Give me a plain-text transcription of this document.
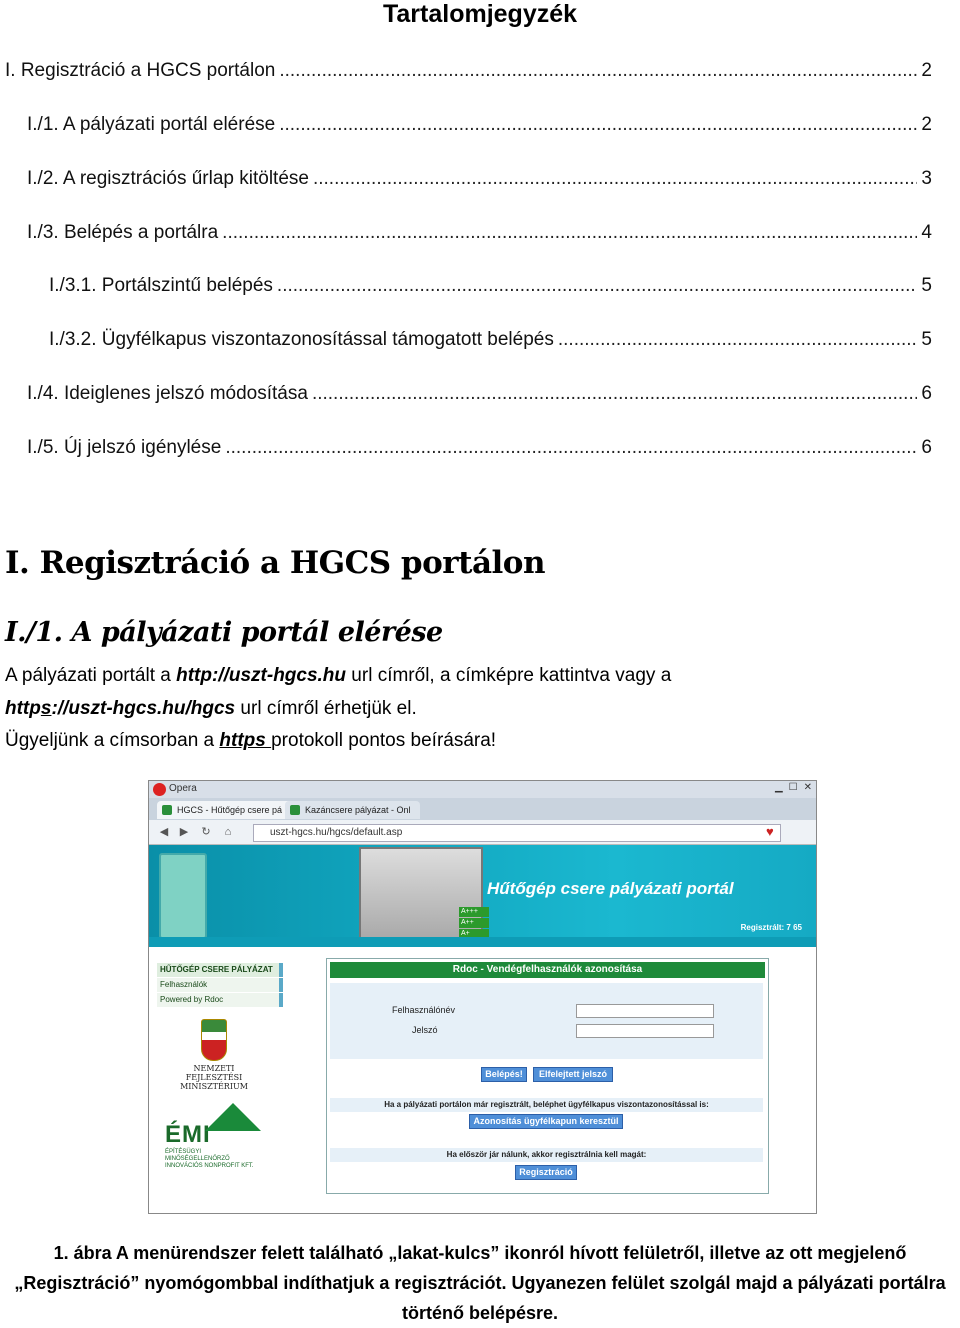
Tartalomjegyzék
I. Regisztráció a HGCS portálon .....	2
I./1. A pályázati portál elérése .....	2
I./2. A regisztrációs űrlap kitöltése .....	3
I./3. Belépés a portálra .....	4
I./3.1. Portálszintű belépés .....	5
I./3.2. Ügyfélkapus viszontazonosítással támogatott belépés .....	5
I./4. Ideiglenes jelszó módosítása .....	6
I./5. Új jelszó igénylése .....	6
I. Regisztráció a HGCS portálon
I./1. A pályázati portál elérése
A pályázati portált a http://uszt-hgcs.hu url címről, a címképre kattintva vagy a
https://uszt-hgcs.hu/hgcs url címről érhetjük el.
Ügyeljünk a címsorban a https protokoll pontos beírására!
Opera	▁ ☐ ✕
HGCS - Hűtőgép csere pá	Kazáncsere pályázat - Onl
◀ ▶ ↻	⌂	uszt-hgcs.hu/hgcs/default.asp	♥
Hűtőgép csere pályázati portál
A+++
A++
A+
Regisztrált: 7 65
HŰTŐGÉP CSERE PÁLYÁZAT
Felhasználók
Powered by Rdoc
NEMZETI FEJLESZTÉSI MINISZTÉRIUM
ÉMI
ÉPÍTÉSÜGYI MINŐSÉGELLENŐRZŐ INNOVÁCIÓS NONPROFIT KFT.
Rdoc - Vendégfelhasználók azonosítása
Felhasználónév
Jelszó
Belépés!	Elfelejtett jelszó
Ha a pályázati portálon már regisztrált, beléphet ügyfélkapus viszontazonosítással is:
Azonosítás ügyfélkapun keresztül
Ha először jár nálunk, akkor regisztrálnia kell magát:
Regisztráció
1. ábra A menürendszer felett található „lakat-kulcs” ikonról hívott felületről, illetve az ott megjelenő
„Regisztráció” nyomógombbal indíthatjuk a regisztrációt. Ugyanezen felület szolgál majd a pályázati portálra
történő belépésre.
